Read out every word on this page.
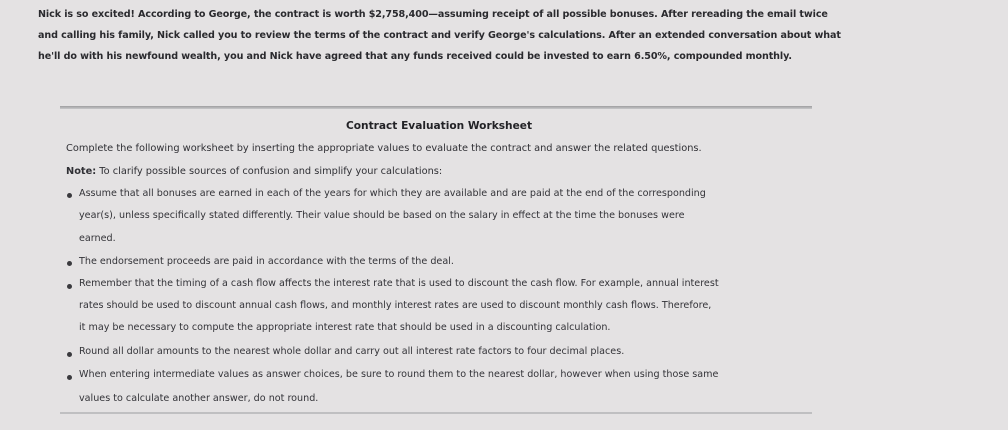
Nick is so excited! According to George, the contract is worth $2,758,400—assuming receipt of all possible bonuses. After rereading the email twice
and calling his family, Nick called you to review the terms of the contract and verify George's calculations. After an extended conversation about what
he'll do with his newfound wealth, you and Nick have agreed that any funds received could be invested to earn 6.50%, compounded monthly.
Contract Evaluation Worksheet
Complete the following worksheet by inserting the appropriate values to evaluate the contract and answer the related questions.
Note: To clarify possible sources of confusion and simplify your calculations:
Assume that all bonuses are earned in each of the years for which they are available and are paid at the end of the corresponding
year(s), unless specifically stated differently. Their value should be based on the salary in effect at the time the bonuses were
earned.
The endorsement proceeds are paid in accordance with the terms of the deal.
Remember that the timing of a cash flow affects the interest rate that is used to discount the cash flow. For example, annual interest
rates should be used to discount annual cash flows, and monthly interest rates are used to discount monthly cash flows. Therefore,
it may be necessary to compute the appropriate interest rate that should be used in a discounting calculation.
Round all dollar amounts to the nearest whole dollar and carry out all interest rate factors to four decimal places.
When entering intermediate values as answer choices, be sure to round them to the nearest dollar, however when using those same
values to calculate another answer, do not round.
